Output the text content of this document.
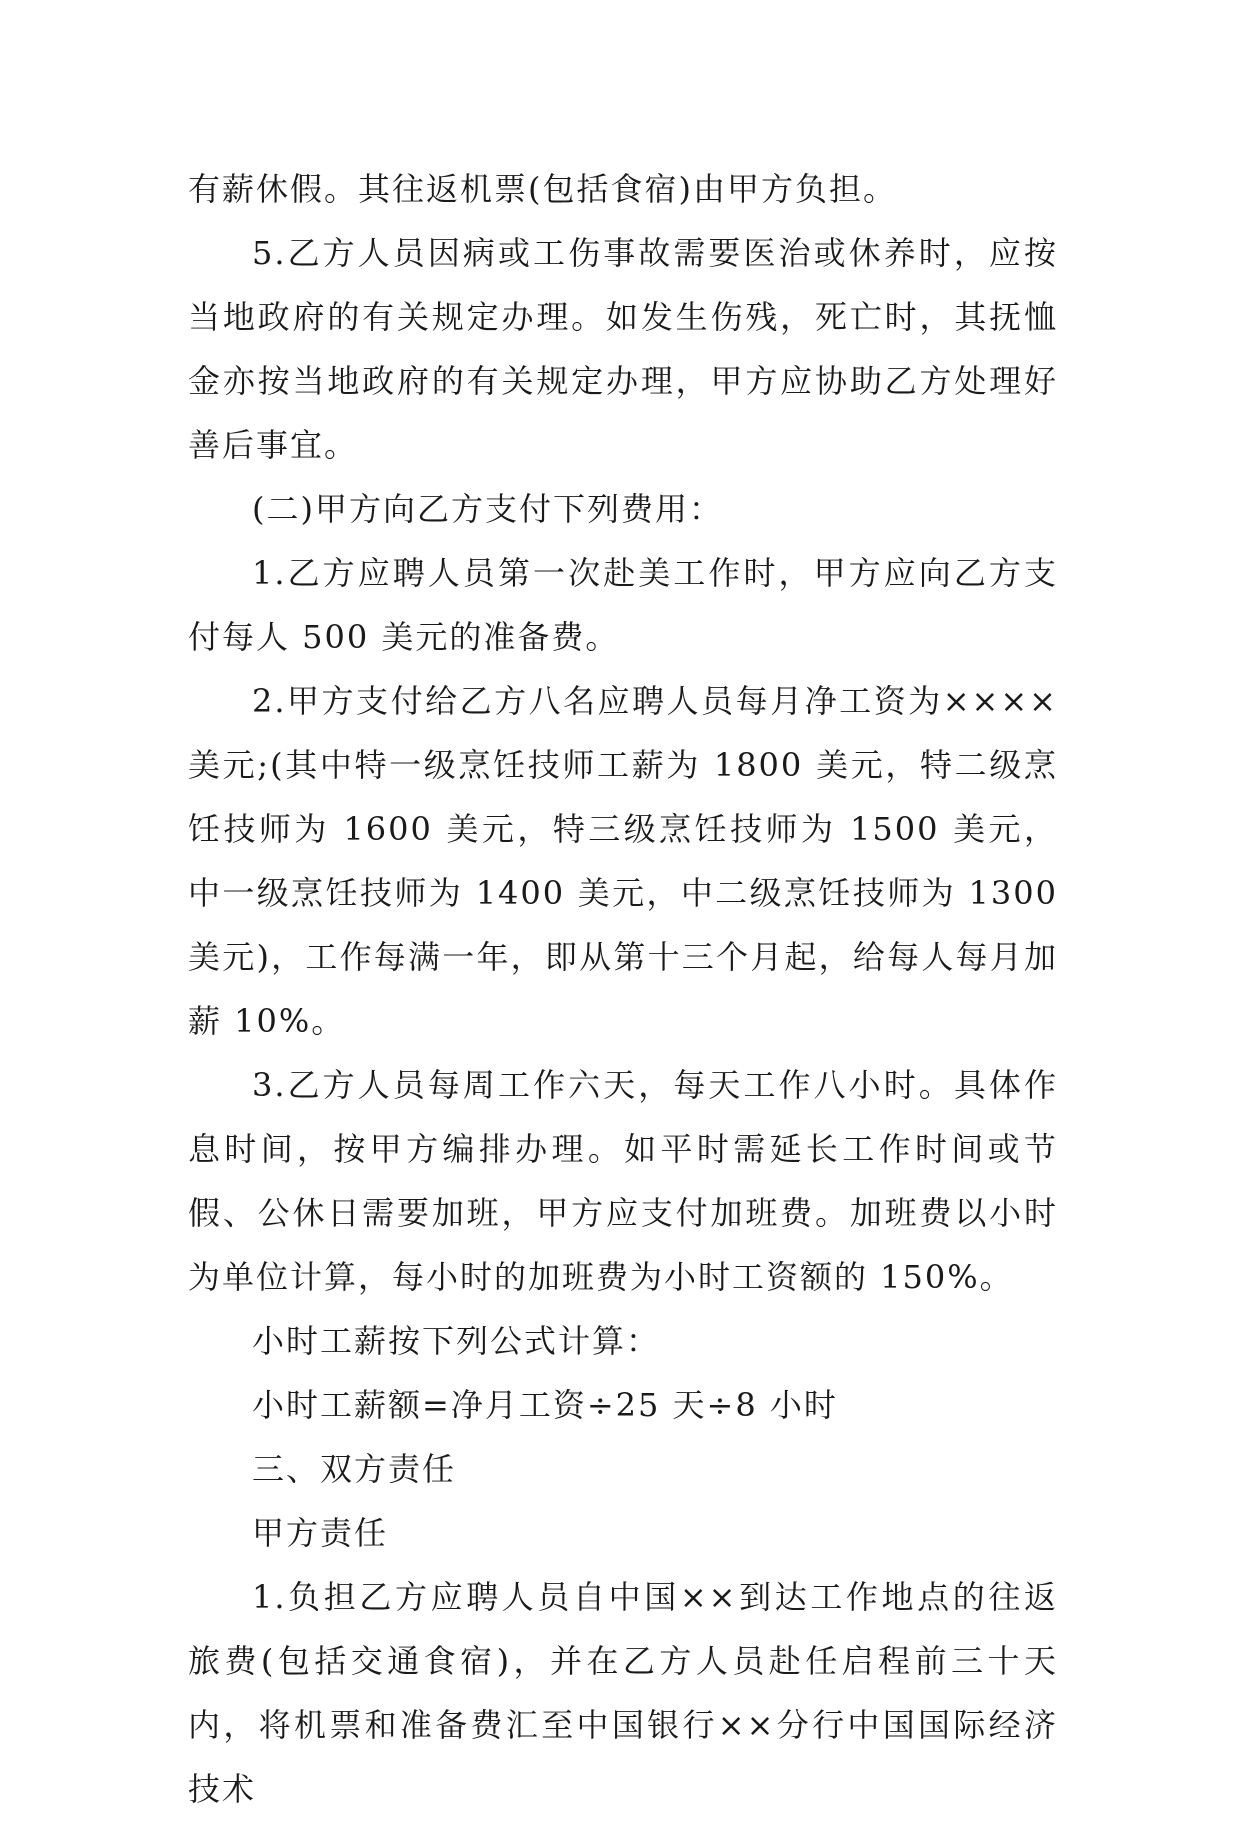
有薪休假。其往返机票(包括食宿)由甲方负担。

5.乙方人员因病或工伤事故需要医治或休养时，应按当地政府的有关规定办理。如发生伤残，死亡时，其抚恤金亦按当地政府的有关规定办理，甲方应协助乙方处理好善后事宜。

(二)甲方向乙方支付下列费用：

1.乙方应聘人员第一次赴美工作时，甲方应向乙方支付每人 500 美元的准备费。

2.甲方支付给乙方八名应聘人员每月净工资为××××美元;(其中特一级烹饪技师工薪为 1800 美元，特二级烹饪技师为 1600 美元，特三级烹饪技师为 1500 美元，中一级烹饪技师为 1400 美元，中二级烹饪技师为 1300 美元)，工作每满一年，即从第十三个月起，给每人每月加薪 10%。

3.乙方人员每周工作六天，每天工作八小时。具体作息时间，按甲方编排办理。如平时需延长工作时间或节假、公休日需要加班，甲方应支付加班费。加班费以小时为单位计算，每小时的加班费为小时工资额的 150%。

小时工薪按下列公式计算：

小时工薪额=净月工资÷25 天÷8 小时

三、双方责任

甲方责任

1.负担乙方应聘人员自中国××到达工作地点的往返旅费(包括交通食宿)，并在乙方人员赴任启程前三十天内，将机票和准备费汇至中国银行××分行中国国际经济技术
